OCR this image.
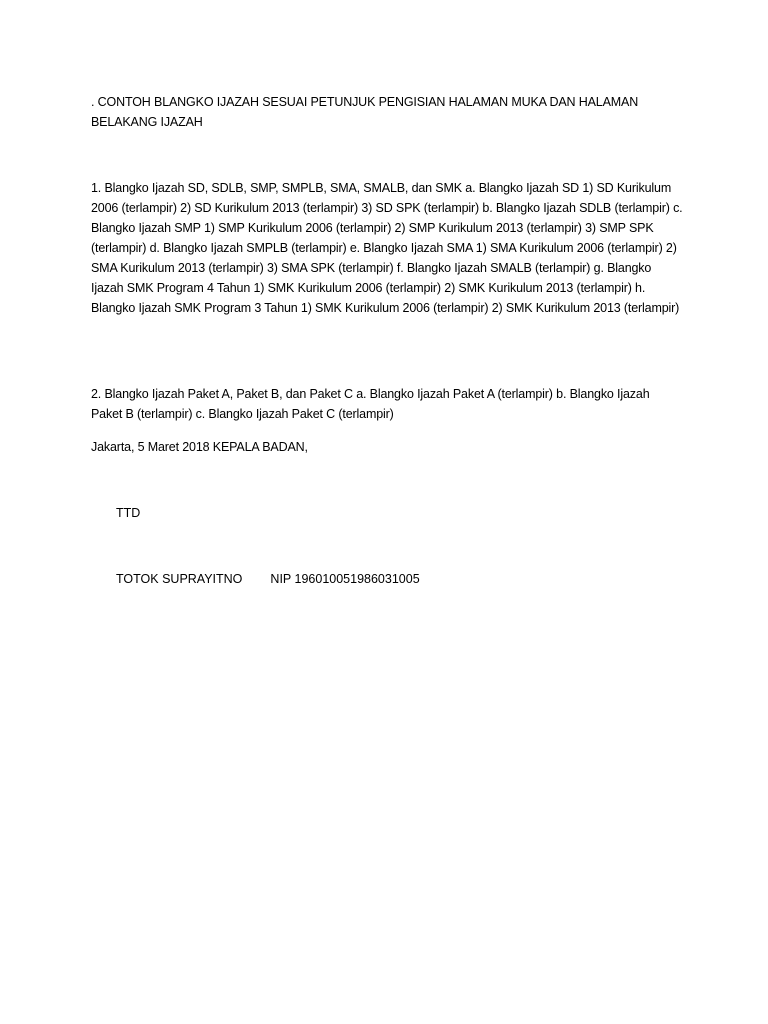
. CONTOH BLANGKO IJAZAH SESUAI PETUNJUK PENGISIAN HALAMAN MUKA DAN HALAMAN BELAKANG IJAZAH

1. Blangko Ijazah SD, SDLB, SMP, SMPLB, SMA, SMALB, dan SMK a. Blangko Ijazah SD 1) SD Kurikulum 2006 (terlampir) 2) SD Kurikulum 2013 (terlampir) 3) SD SPK (terlampir) b. Blangko Ijazah SDLB (terlampir) c. Blangko Ijazah SMP 1) SMP Kurikulum 2006 (terlampir) 2) SMP Kurikulum 2013 (terlampir) 3) SMP SPK (terlampir) d. Blangko Ijazah SMPLB (terlampir) e. Blangko Ijazah SMA 1) SMA Kurikulum 2006 (terlampir) 2) SMA Kurikulum 2013 (terlampir) 3) SMA SPK (terlampir) f. Blangko Ijazah SMALB (terlampir) g. Blangko Ijazah SMK Program 4 Tahun 1) SMK Kurikulum 2006 (terlampir) 2) SMK Kurikulum 2013 (terlampir) h. Blangko Ijazah SMK Program 3 Tahun 1) SMK Kurikulum 2006 (terlampir) 2) SMK Kurikulum 2013 (terlampir)

2. Blangko Ijazah Paket A, Paket B, dan Paket C a. Blangko Ijazah Paket A (terlampir) b. Blangko Ijazah Paket B (terlampir) c. Blangko Ijazah Paket C (terlampir)

Jakarta, 5 Maret 2018 KEPALA BADAN,

TTD

TOTOK SUPRAYITNO NIP 196010051986031005
